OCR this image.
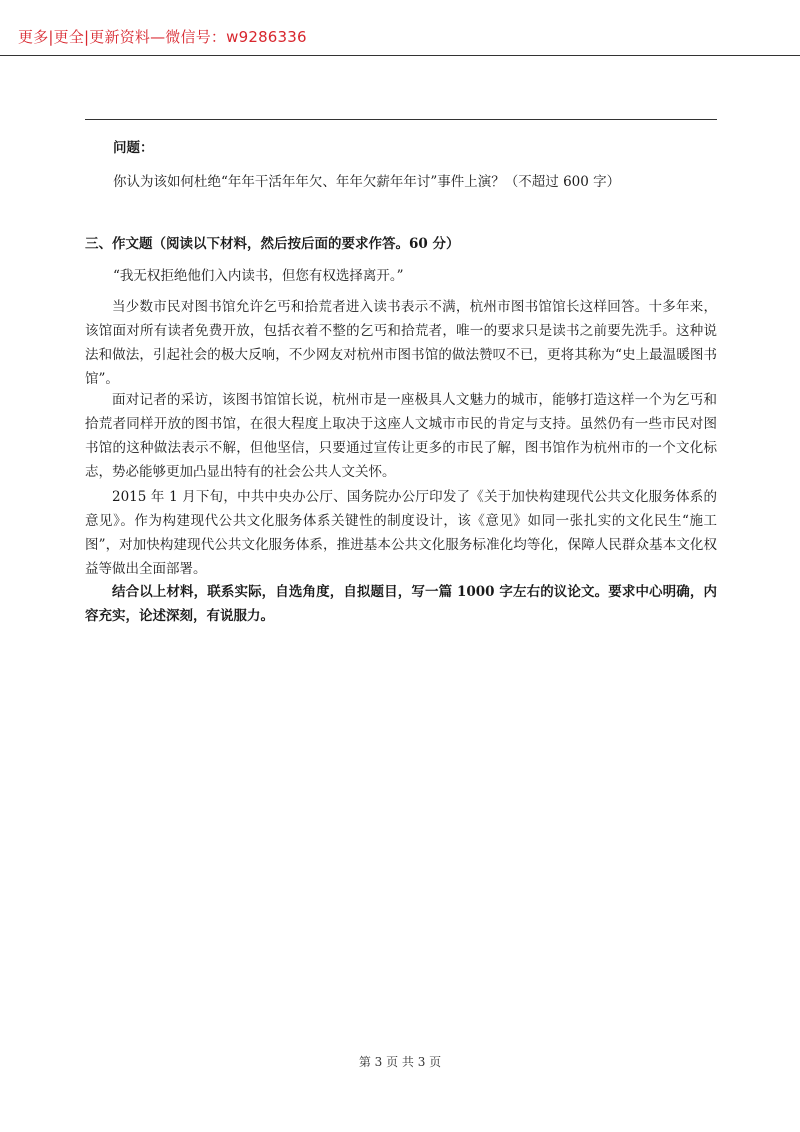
更多|更全|更新资料—微信号：w9286336
问题：
你认为该如何杜绝“年年干活年年欠、年年欠薪年年讨”事件上演？（不超过 600 字）
三、作文题（阅读以下材料，然后按后面的要求作答。60 分）
“我无权拒绝他们入内读书，但您有权选择离开。”
当少数市民对图书馆允许乞丐和拾荒者进入读书表示不满，杭州市图书馆馆长这样回答。十多年来，该馆面对所有读者免费开放，包括衣着不整的乞丐和拾荒者，唯一的要求只是读书之前要先洗手。这种说法和做法，引起社会的极大反响，不少网友对杭州市图书馆的做法赞叹不已，更将其称为“史上最温暖图书馆”。
面对记者的采访，该图书馆馆长说，杭州市是一座极具人文魅力的城市，能够打造这样一个为乞丐和拾荒者同样开放的图书馆，在很大程度上取决于这座人文城市市民的肯定与支持。虽然仍有一些市民对图书馆的这种做法表示不解，但他坚信，只要通过宣传让更多的市民了解，图书馆作为杭州市的一个文化标志，势必能够更加凸显出特有的社会公共人文关怀。
2015 年 1 月下旬，中共中央办公厅、国务院办公厅印发了《关于加快构建现代公共文化服务体系的意见》。作为构建现代公共文化服务体系关键性的制度设计，该《意见》如同一张扎实的文化民生“施工图”，对加快构建现代公共文化服务体系，推进基本公共文化服务标准化均等化，保障人民群众基本文化权益等做出全面部署。
结合以上材料，联系实际，自选角度，自拟题目，写一篇 1000 字左右的议论文。要求中心明确，内容充实，论述深刻，有说服力。
第 3 页 共 3 页
